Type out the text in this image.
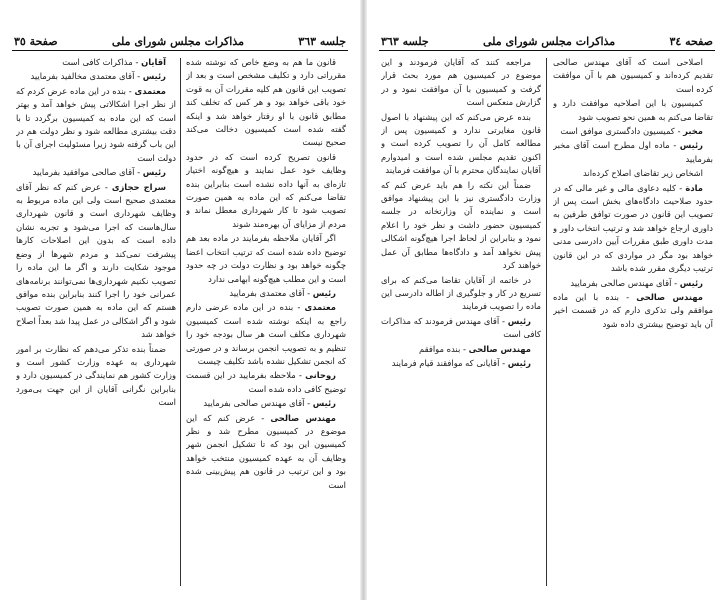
جلسه ٣٦٣
مذاكرات مجلس شورای ملی
صفحة ٣٥

قانون ما هم به وضع خاص که نوشته شده مقرراتی دارد و تکلیف مشخص است و بعد از تصویب این قانون هم کلیه مقررات آن به قوت خود باقی خواهد بود و هر کس که تخلف کند مطابق قانون با او رفتار خواهد شد و اینکه گفته شده است کمیسیون دخالت می‌کند صحیح نیست

قانون تصریح کرده است که در حدود وظایف خود عمل نمایند و هیچ‌گونه اختیار تازه‌ای به آنها داده نشده است بنابراین بنده تقاضا می‌کنم که این ماده به همین صورت تصویب شود تا کار شهرداری معطل نماند و مردم از مزایای آن بهره‌مند شوند

اگر آقایان ملاحظه بفرمایند در ماده بعد هم توضیح داده شده است که ترتیب انتخاب اعضا چگونه خواهد بود و نظارت دولت در چه حدود است و این مطلب هیچ‌گونه ابهامی ندارد

رئیس - آقای معتمدی بفرمایید

معتمدی - بنده در این ماده عرضی دارم راجع به اینکه نوشته شده است کمیسیون شهرداری مکلف است هر سال بودجه خود را تنظیم و به تصویب انجمن برساند و در صورتی که انجمن تشکیل نشده باشد تکلیف چیست

روحانی - ملاحظه بفرمایید در این قسمت توضیح کافی داده شده است

رئیس - آقای مهندس صالحی بفرمایید

مهندس صالحی - عرض کنم که این موضوع در کمیسیون مطرح شد و نظر کمیسیون این بود که تا تشکیل انجمن شهر وظایف آن به عهده کمیسیون منتخب خواهد بود و این ترتیب در قانون هم پیش‌بینی شده است

آقایان - مذاکرات کافی است

رئیس - آقای معتمدی مخالفید بفرمایید

معتمدی - بنده در این ماده عرض کردم که از نظر اجرا اشکالاتی پیش خواهد آمد و بهتر است که این ماده به کمیسیون برگردد تا با دقت بیشتری مطالعه شود و نظر دولت هم در این باب گرفته شود زیرا مسئولیت اجرای آن با دولت است

رئیس - آقای صالحی موافقید بفرمایید

سراج حجازی - عرض کنم که نظر آقای معتمدی صحیح است ولی این ماده مربوط به وظایف شهرداری است و قانون شهرداری سال‌هاست که اجرا می‌شود و تجربه نشان داده است که بدون این اصلاحات کارها پیشرفت نمی‌کند و مردم شهرها از وضع موجود شکایت دارند و اگر ما این ماده را تصویب نکنیم شهرداری‌ها نمی‌توانند برنامه‌های عمرانی خود را اجرا کنند بنابراین بنده موافق هستم که این ماده به همین صورت تصویب شود و اگر اشکالی در عمل پیدا شد بعداً اصلاح خواهد شد

ضمناً بنده تذکر می‌دهم که نظارت بر امور شهرداری به عهده وزارت کشور است و وزارت کشور هم نمایندگی در کمیسیون دارد و بنابراین نگرانی آقایان از این جهت بی‌مورد است

صفحه ٣٤
مذاکرات مجلس شورای ملی
جلسه ٣٦٣

اصلاحی است که آقای مهندس صالحی تقدیم کرده‌اند و کمیسیون هم با آن موافقت کرده است

کمیسیون با این اصلاحیه موافقت دارد و تقاضا می‌کنم به همین نحو تصویب شود

مخبر - کمیسیون دادگستری موافق است

رئیس - ماده اول مطرح است آقای مخبر بفرمایید

اشخاص زیر تقاضای اصلاح کرده‌اند

مادة - کلیه دعاوی مالی و غیر مالی که در حدود صلاحیت دادگاه‌های بخش است پس از تصویب این قانون در صورت توافق طرفین به داوری ارجاع خواهد شد و ترتیب انتخاب داور و مدت داوری طبق مقررات آیین دادرسی مدنی خواهد بود مگر در مواردی که در این قانون ترتیب دیگری مقرر شده باشد

رئیس - آقای مهندس صالحی بفرمایید

مهندس صالحی - بنده با این ماده موافقم ولی تذکری دارم که در قسمت اخیر آن باید توضیح بیشتری داده شود

مراجعه کنند که آقایان فرمودند و این موضوع در کمیسیون هم مورد بحث قرار گرفت و کمیسیون با آن موافقت نمود و در گزارش منعکس است

بنده عرض می‌کنم که این پیشنهاد با اصول قانون مغایرتی ندارد و کمیسیون پس از مطالعه کامل آن را تصویب کرده است و اکنون تقدیم مجلس شده است و امیدوارم آقایان نمایندگان محترم با آن موافقت فرمایند

ضمناً این نکته را هم باید عرض کنم که وزارت دادگستری نیز با این پیشنهاد موافق است و نماینده آن وزارتخانه در جلسه کمیسیون حضور داشت و نظر خود را اعلام نمود و بنابراین از لحاظ اجرا هیچ‌گونه اشکالی پیش نخواهد آمد و دادگاه‌ها مطابق آن عمل خواهند کرد

در خاتمه از آقایان تقاضا می‌کنم که برای تسریع در کار و جلوگیری از اطاله دادرسی این ماده را تصویب فرمایند

رئیس - آقای مهندس فرمودند که مذاکرات کافی است

مهندس صالحی - بنده موافقم

رئیس - آقایانی که موافقند قیام فرمایند
